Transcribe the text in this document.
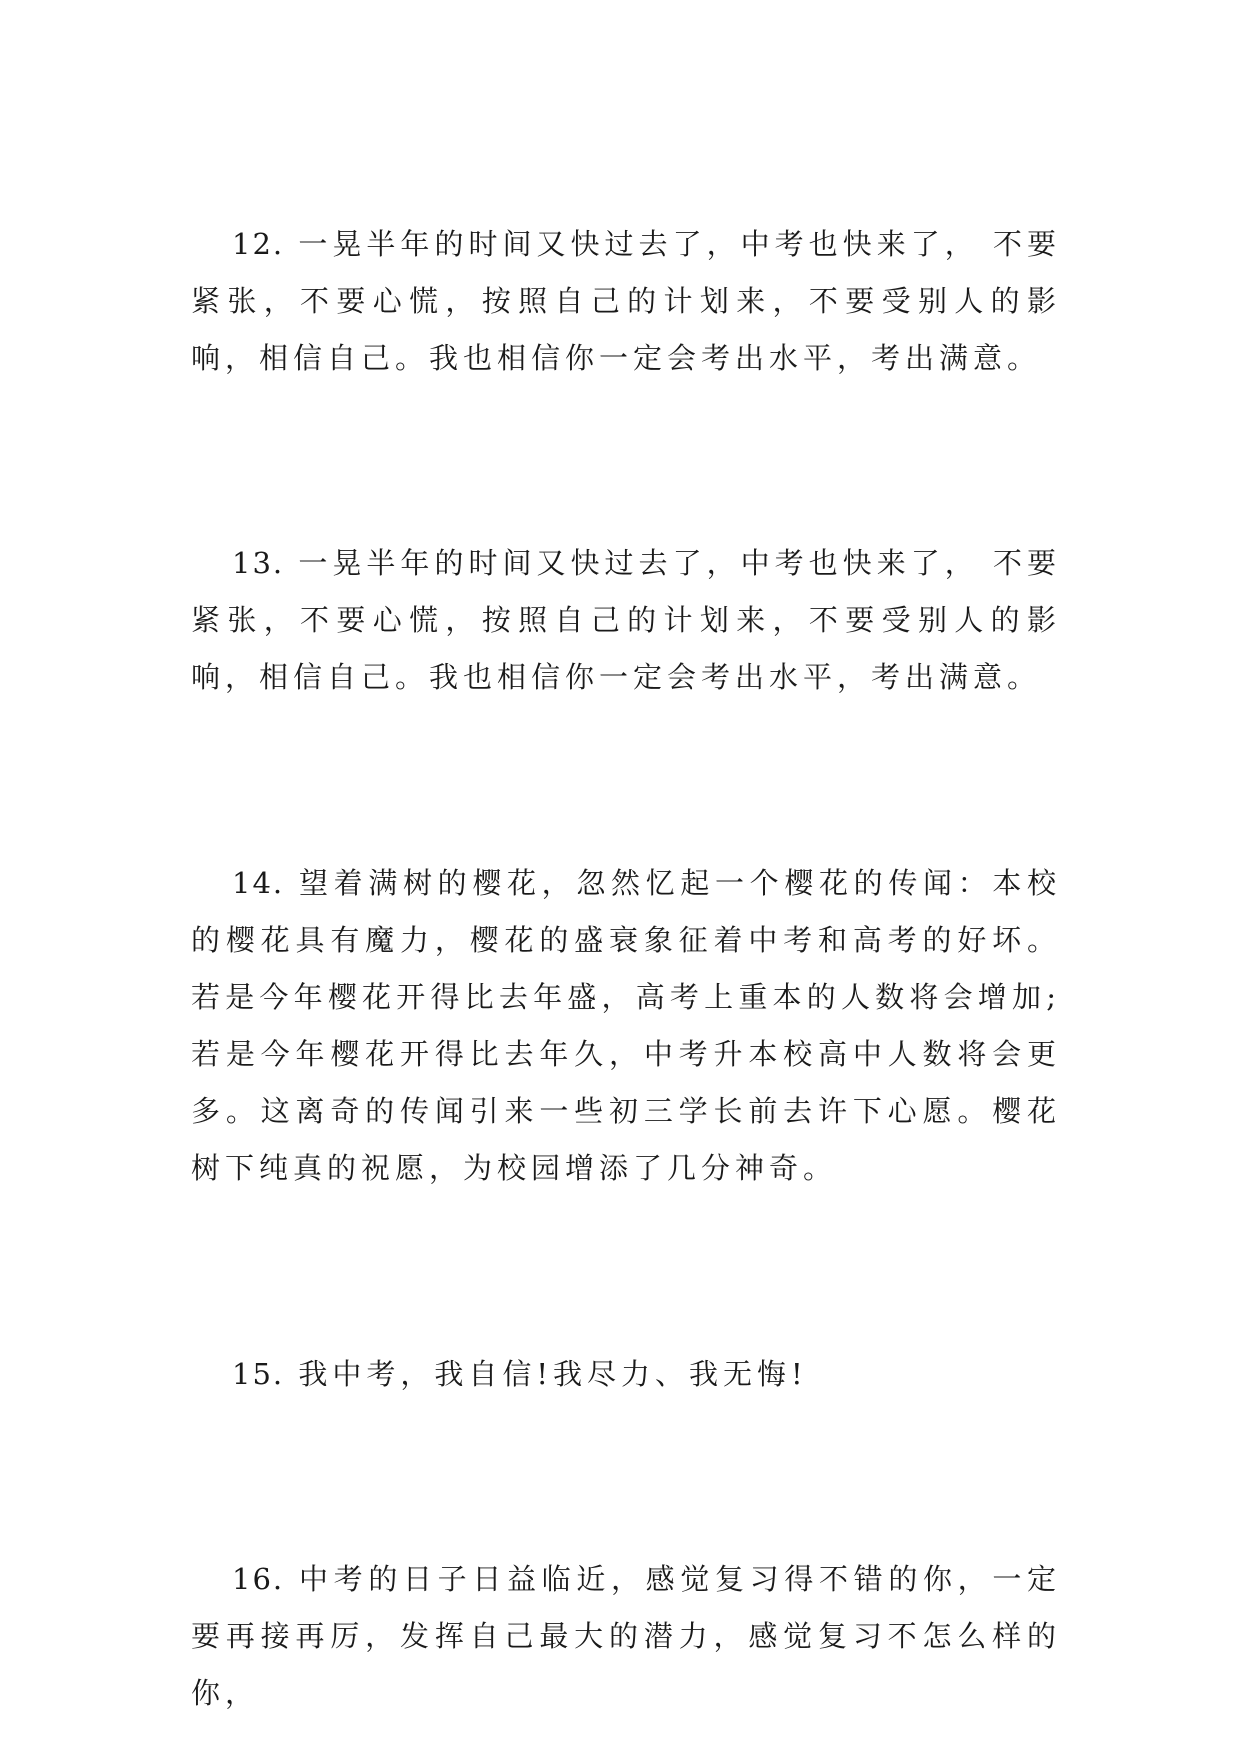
12. 一晃半年的时间又快过去了，中考也快来了， 不要紧张，不要心慌，按照自己的计划来，不要受别人的影响，相信自己。我也相信你一定会考出水平，考出满意。

13. 一晃半年的时间又快过去了，中考也快来了， 不要紧张，不要心慌，按照自己的计划来，不要受别人的影响，相信自己。我也相信你一定会考出水平，考出满意。

14. 望着满树的樱花，忽然忆起一个樱花的传闻：本校的樱花具有魔力，樱花的盛衰象征着中考和高考的好坏。若是今年樱花开得比去年盛，高考上重本的人数将会增加;若是今年樱花开得比去年久，中考升本校高中人数将会更多。这离奇的传闻引来一些初三学长前去许下心愿。樱花树下纯真的祝愿，为校园增添了几分神奇。

15. 我中考，我自信!我尽力、我无悔!

16. 中考的日子日益临近，感觉复习得不错的你，一定要再接再厉，发挥自己最大的潜力，感觉复习不怎么样的你，
